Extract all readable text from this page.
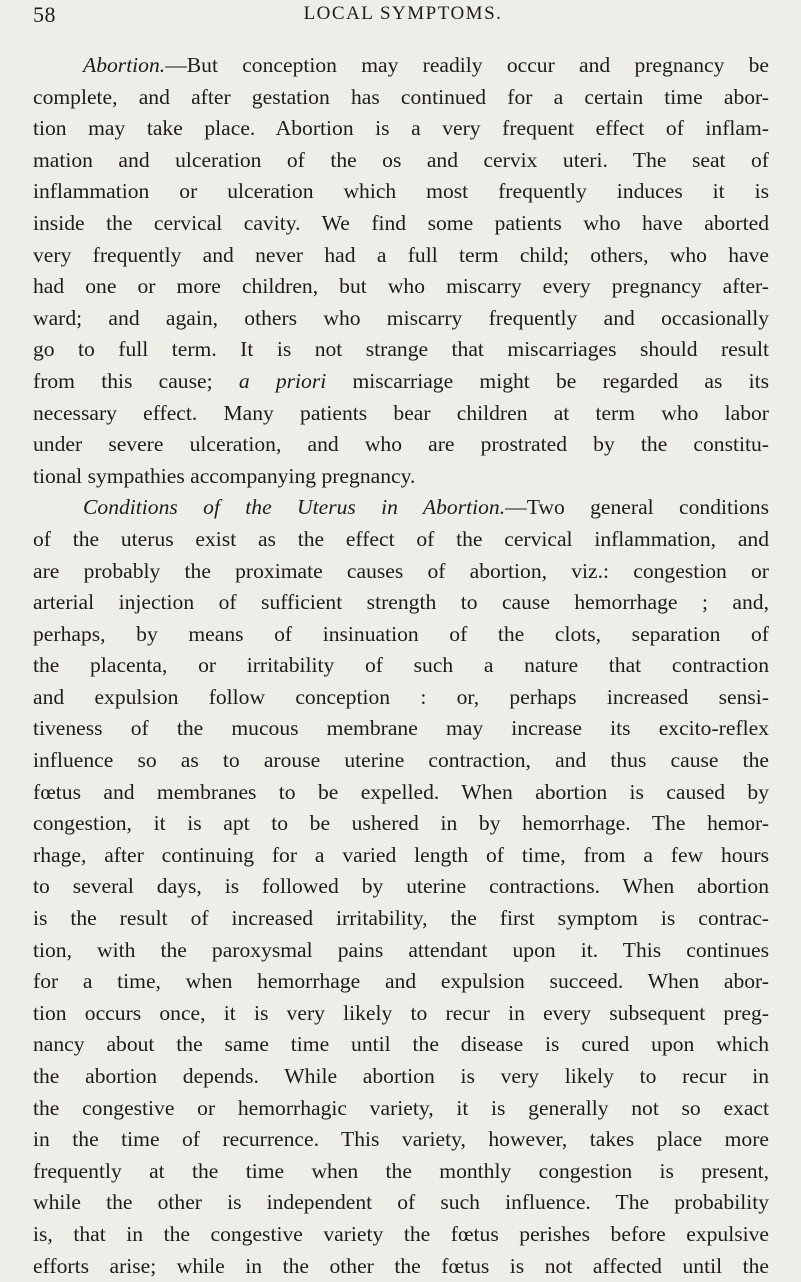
58	LOCAL SYMPTOMS.
Abortion.—But conception may readily occur and pregnancy be
complete, and after gestation has continued for a certain time abor-
tion may take place. Abortion is a very frequent effect of inflam-
mation and ulceration of the os and cervix uteri. The seat of
inflammation or ulceration which most frequently induces it is
inside the cervical cavity. We find some patients who have aborted
very frequently and never had a full term child; others, who have
had one or more children, but who miscarry every pregnancy after-
ward; and again, others who miscarry frequently and occasionally
go to full term. It is not strange that miscarriages should result
from this cause; a priori miscarriage might be regarded as its
necessary effect. Many patients bear children at term who labor
under severe ulceration, and who are prostrated by the constitu-
tional sympathies accompanying pregnancy.
Conditions of the Uterus in Abortion.—Two general conditions
of the uterus exist as the effect of the cervical inflammation, and
are probably the proximate causes of abortion, viz.: congestion or
arterial injection of sufficient strength to cause hemorrhage ; and,
perhaps, by means of insinuation of the clots, separation of
the placenta, or irritability of such a nature that contraction
and expulsion follow conception : or, perhaps increased sensi-
tiveness of the mucous membrane may increase its excito-reflex
influence so as to arouse uterine contraction, and thus cause the
fœtus and membranes to be expelled. When abortion is caused by
congestion, it is apt to be ushered in by hemorrhage. The hemor-
rhage, after continuing for a varied length of time, from a few hours
to several days, is followed by uterine contractions. When abortion
is the result of increased irritability, the first symptom is contrac-
tion, with the paroxysmal pains attendant upon it. This continues
for a time, when hemorrhage and expulsion succeed. When abor-
tion occurs once, it is very likely to recur in every subsequent preg-
nancy about the same time until the disease is cured upon which
the abortion depends. While abortion is very likely to recur in
the congestive or hemorrhagic variety, it is generally not so exact
in the time of recurrence. This variety, however, takes place more
frequently at the time when the monthly congestion is present,
while the other is independent of such influence. The probability
is, that in the congestive variety the fœtus perishes before expulsive
efforts arise; while in the other the fœtus is not affected until the
